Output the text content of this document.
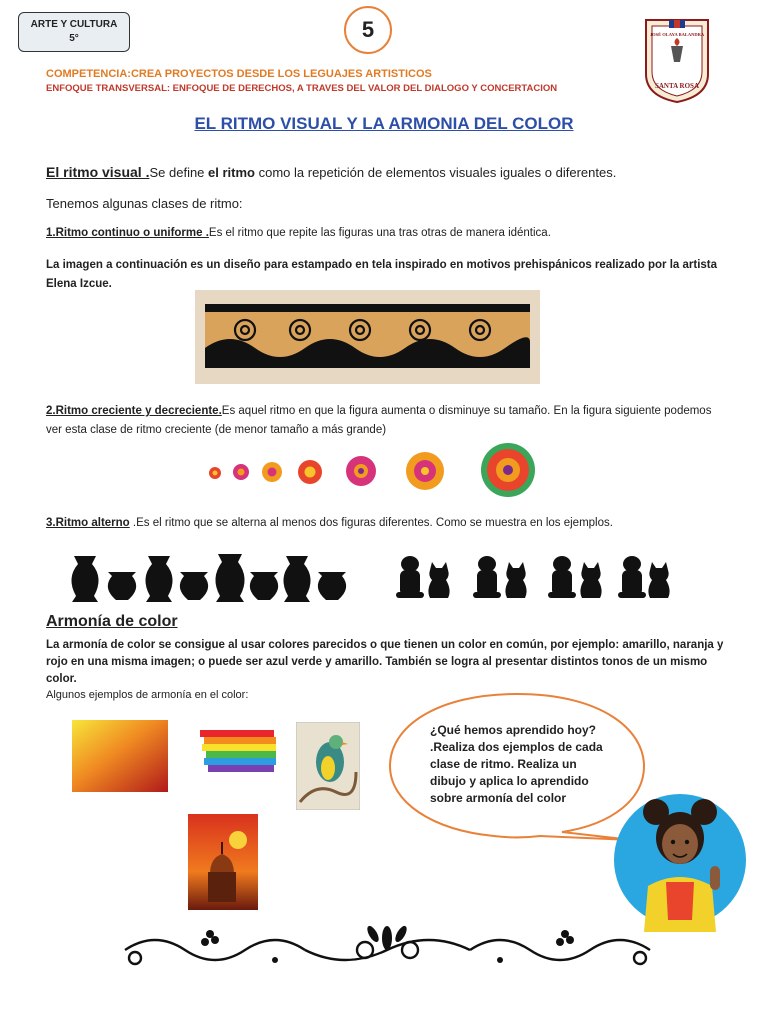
ARTE Y CULTURA
5°	5
SANTA ROSA
JOSÉ OLAYA BALANDRA
COMPETENCIA:CREA PROYECTOS DESDE LOS LEGUAJES ARTISTICOS
ENFOQUE TRANSVERSAL: ENFOQUE DE DERECHOS, A TRAVES DEL VALOR DEL DIALOGO Y CONCERTACION
EL RITMO VISUAL Y LA ARMONIA DEL COLOR
El ritmo visual .Se define el ritmo como la repetición de elementos visuales iguales o diferentes.
Tenemos algunas clases de ritmo:
1.Ritmo continuo o uniforme .Es el ritmo que repite las figuras una tras otras de manera idéntica.
La imagen a continuación es un diseño para estampado en tela inspirado en motivos prehispánicos realizado por la artista Elena Izcue.
2.Ritmo creciente y decreciente.Es aquel ritmo en que la figura aumenta o disminuye su tamaño. En la figura siguiente podemos ver esta clase de ritmo creciente (de menor tamaño a más grande)
3.Ritmo alterno .Es el ritmo que se alterna al menos dos figuras diferentes. Como se muestra en los ejemplos.
Armonía de color
La armonía de color se consigue al usar colores parecidos o que tienen un color en común, por ejemplo: amarillo, naranja y rojo en una misma imagen; o puede ser azul verde y amarillo. También se logra al presentar distintos tonos de un mismo color.
Algunos ejemplos de armonía en el color:
¿Qué hemos aprendido hoy? .Realiza dos ejemplos de cada clase de ritmo. Realiza un dibujo y aplica lo aprendido sobre armonía del color
